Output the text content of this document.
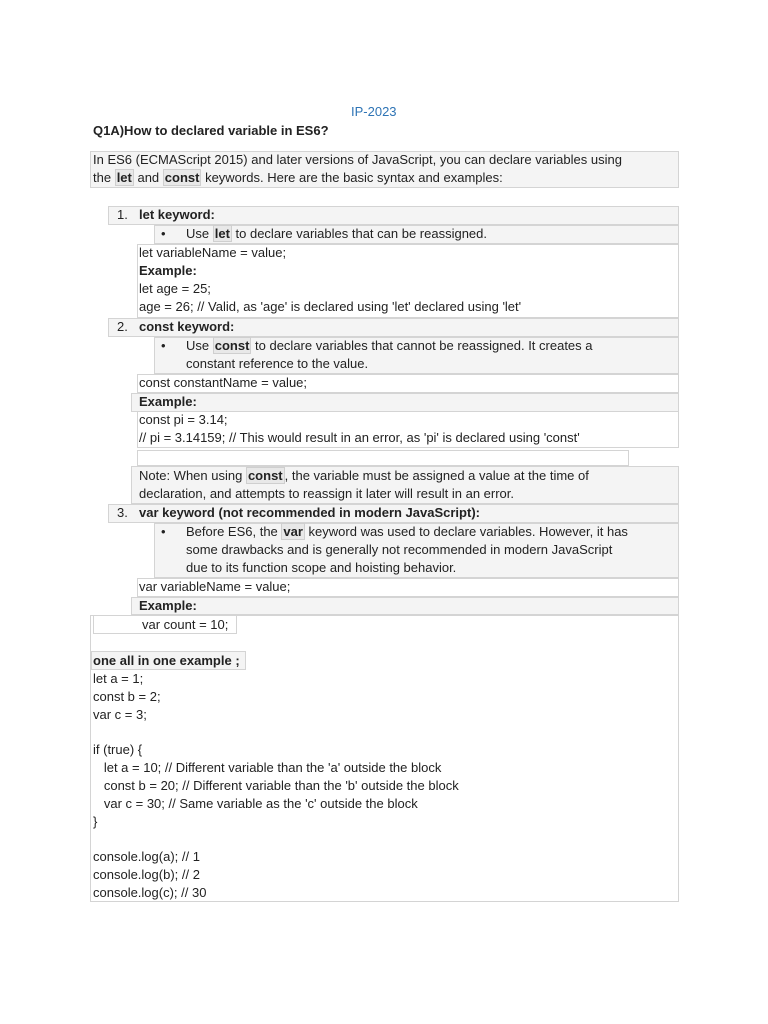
IP-2023
Q1A)How to declared variable in ES6?
In ES6 (ECMAScript 2015) and later versions of JavaScript, you can declare variables using
the let and const keywords. Here are the basic syntax and examples:
1. let keyword:
• Use let to declare variables that can be reassigned.
let variableName = value;
Example:
let age = 25;
age = 26; // Valid, as 'age' is declared using 'let' declared using 'let'
2. const keyword:
• Use const to declare variables that cannot be reassigned. It creates a
constant reference to the value.
const constantName = value;
Example:
const pi = 3.14;
// pi = 3.14159; // This would result in an error, as 'pi' is declared using 'const'
Note: When using const , the variable must be assigned a value at the time of
declaration, and attempts to reassign it later will result in an error.
3. var keyword (not recommended in modern JavaScript):
• Before ES6, the var keyword was used to declare variables. However, it has
some drawbacks and is generally not recommended in modern JavaScript
due to its function scope and hoisting behavior.
var variableName = value;
Example:
var count = 10;
one all in one example ;
let a = 1;
const b = 2;
var c = 3;
if (true) {
let a = 10; // Different variable than the 'a' outside the block
const b = 20; // Different variable than the 'b' outside the block
var c = 30; // Same variable as the 'c' outside the block
}
console.log(a); // 1
console.log(b); // 2
console.log(c); // 30
